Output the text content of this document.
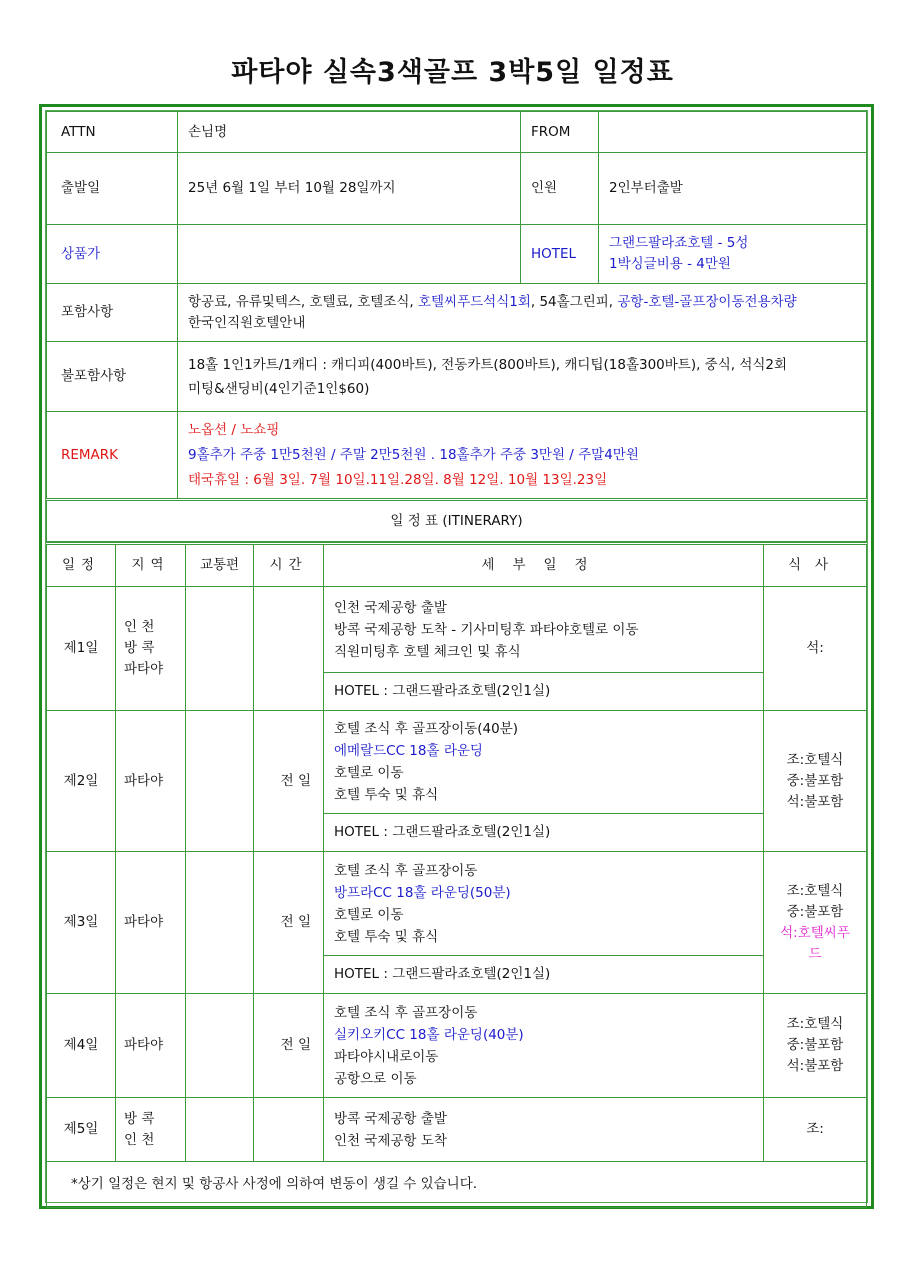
파타야 실속3색골프 3박5일 일정표
ATTN	손님명	FROM	
출발일	25년 6월 1일 부터 10월 28일까지	인원	2인부터출발
상품가		HOTEL	그랜드팔라죠호텔 - 5성
1박싱글비용 - 4만원

포함사항	항공료, 유류및텍스, 호텔료, 호텔조식, 호텔씨푸드석식1회, 54홀그린피, 공항-호텔-골프장이동전용차량
한국인직원호텔안내		

불포함사항	18홀 1인1카트/1캐디 : 캐디피(400바트), 전동카트(800바트), 캐디팁(18홀300바트), 중식, 석식2회
미팅&샌딩비(4인기준1인$60)		

REMARK	노옵션 / 노쇼핑
9홀추가 주중 1만5천원 / 주말 2만5천원 . 18홀추가 주중 3만원 / 주말4만원
태국휴일 : 6월 3일. 7월 10일.11일.28일. 8월 12일. 10월 13일.23일		

일 정 표 (ITINERARY)			
일정	지역	교통편	시간	세부일정	식사
제1일	인 천
방 콕
파타야			인천 국제공항 출발
방콕 국제공항 도착 - 기사미팅후 파타야호텔로 이동
직원미팅후 호텔 체크인 및 휴식	석:

				HOTEL : 그랜드팔라죠호텔(2인1실)	
제2일	파타야		전 일	호텔 조식 후 골프장이동(40분)
에메랄드CC 18홀 라운딩
호텔로 이동
호텔 투숙 및 휴식	조:호텔식
중:불포함
석:불포함

				HOTEL : 그랜드팔라죠호텔(2인1실)	
제3일	파타야		전 일	호텔 조식 후 골프장이동
방프라CC 18홀 라운딩(50분)
호텔로 이동
호텔 투숙 및 휴식	조:호텔식
중:불포함
석:호텔씨푸드

				HOTEL : 그랜드팔라죠호텔(2인1실)	
제4일	파타야		전 일	호텔 조식 후 골프장이동
실키오키CC 18홀 라운딩(40분)
파타야시내로이동
공항으로 이동	조:호텔식
중:불포함
석:불포함

제5일	방 콕
인 천			방콕 국제공항 출발
인천 국제공항 도착	조:

*상기 일정은 현지 및 항공사 사정에 의하여 변동이 생길 수 있습니다.					
